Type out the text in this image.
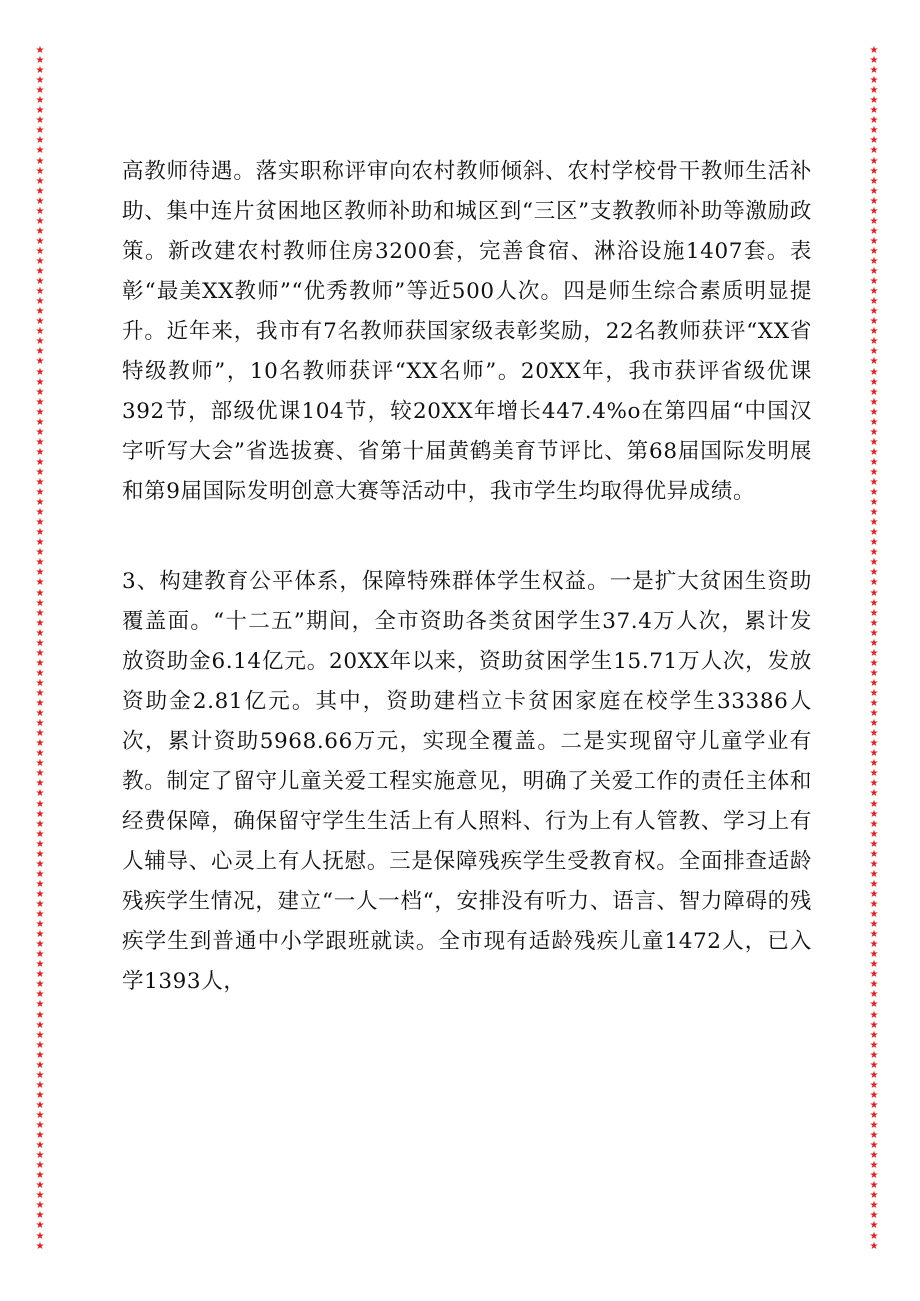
★
★
★
★
★
★
★
★
★
★
★
★
★
★
★
★
★
★
★
★
★
★
★
★
★
★
★
★
★
★
★
★
★
★
★
★
★
★
★
★
★
★
★
★
★
★
★
★
★
★
★
★
★
★
★
★
★
★
★
★
★
★
★
★
★
★
★
★
★
★
★
★
★
★
★
★
★
★
★
★
★
★
★
★
★
★
★
★
★
★
★
★
★
★
★
★
★
★
★
★
★
★
★
★
★
★
★
★
★
★
★
★
★
★
★
★
★
★
★
★
★
★
★
★
★
★
★
★
★
★
★
★
★
★
★
★
★
★
★
★
★
★
★
★
★
★
★
★
★
★
★
★
★
★
★
★
★
★
★
★
★
★
★
★
★
★
★
★
★
★
★
★
★
★
★
★
★
★
★
★
★
★
★
★
★
★
★
★
★
★
★
★
★
★
★
★
★
★
★
★
★
★
★
★
★
★
★
★
★
★
★
★
★
★
★
★
★
★
★
★
★
★
★
★
★
★
★
★
★
★
★
★
★
★
★
★
★
★
★
★

高教师待遇。落实职称评审向农村教师倾斜、农村学校骨干教师生活补助、集中连片贫困地区教师补助和城区到“三区”支教教师补助等激励政策。新改建农村教师住房3200套，完善食宿、淋浴设施1407套。表彰“最美XX教师”“优秀教师”等近500人次。四是师生综合素质明显提升。近年来，我市有7名教师获国家级表彰奖励，22名教师获评“XX省特级教师”，10名教师获评“XX名师”。20XX年，我市获评省级优课392节，部级优课104节，较20XX年增长447.4%o在第四届“中国汉字听写大会”省选拔赛、省第十届黄鹤美育节评比、第68届国际发明展和第9届国际发明创意大赛等活动中，我市学生均取得优异成绩。

3、构建教育公平体系，保障特殊群体学生权益。一是扩大贫困生资助覆盖面。“十二五”期间，全市资助各类贫困学生37.4万人次，累计发放资助金6.14亿元。20XX年以来，资助贫困学生15.71万人次，发放资助金2.81亿元。其中，资助建档立卡贫困家庭在校学生33386人次，累计资助5968.66万元，实现全覆盖。二是实现留守儿童学业有教。制定了留守儿童关爱工程实施意见，明确了关爱工作的责任主体和经费保障，确保留守学生生活上有人照料、行为上有人管教、学习上有人辅导、心灵上有人抚慰。三是保障残疾学生受教育权。全面排查适龄残疾学生情况，建立“一人一档“，安排没有听力、语言、智力障碍的残疾学生到普通中小学跟班就读。全市现有适龄残疾儿童1472人，已入学1393人，
